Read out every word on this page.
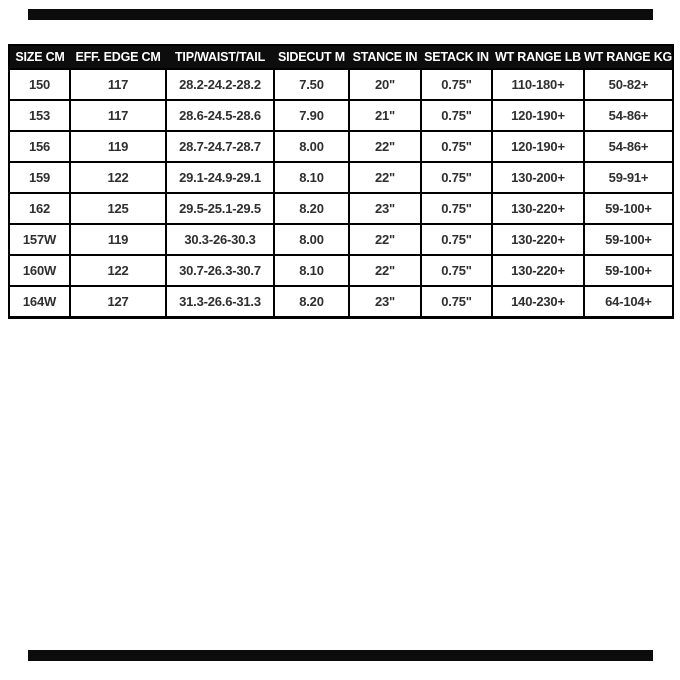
SIZE CM	EFF. EDGE CM	TIP/WAIST/TAIL	SIDECUT M	STANCE IN	SETACK IN	WT RANGE LB	WT RANGE KG
150	117	28.2-24.2-28.2	7.50	20"	0.75"	110-180+	50-82+
153	117	28.6-24.5-28.6	7.90	21"	0.75"	120-190+	54-86+
156	119	28.7-24.7-28.7	8.00	22"	0.75"	120-190+	54-86+
159	122	29.1-24.9-29.1	8.10	22"	0.75"	130-200+	59-91+
162	125	29.5-25.1-29.5	8.20	23"	0.75"	130-220+	59-100+
157W	119	30.3-26-30.3	8.00	22"	0.75"	130-220+	59-100+
160W	122	30.7-26.3-30.7	8.10	22"	0.75"	130-220+	59-100+
164W	127	31.3-26.6-31.3	8.20	23"	0.75"	140-230+	64-104+
